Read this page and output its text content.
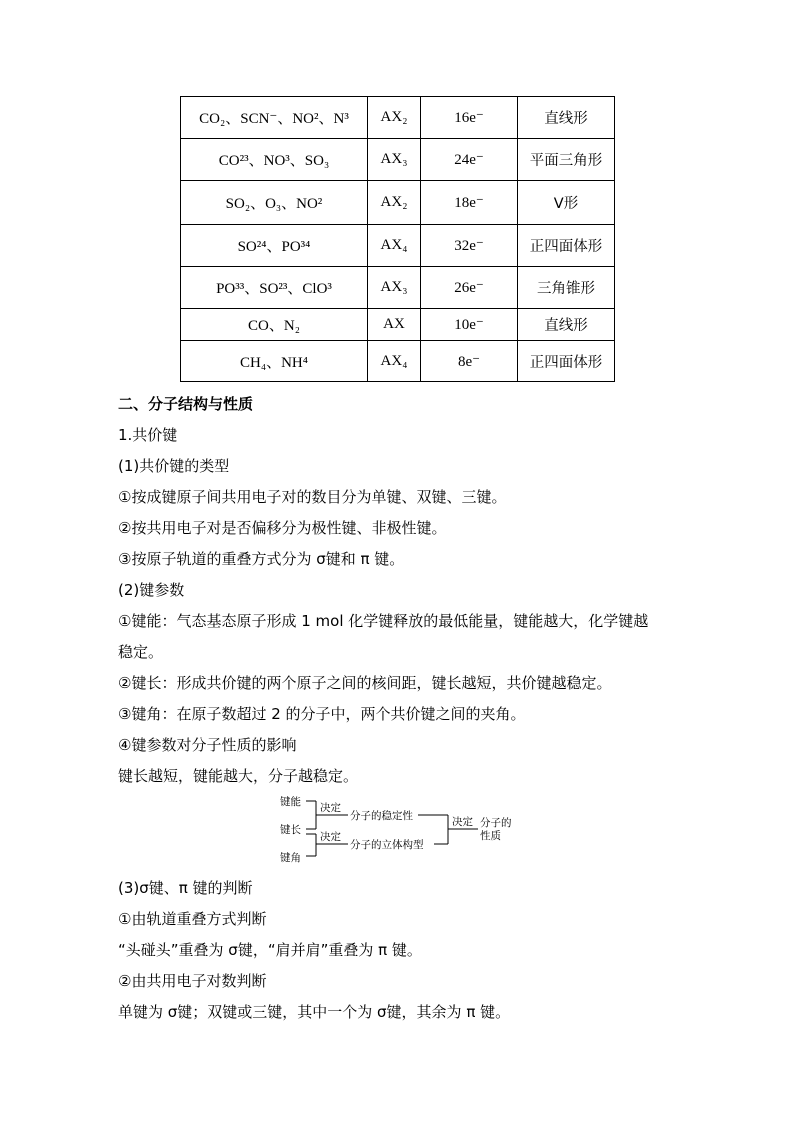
CO₂、SCN⁻、NO²、N³	AX₂	16e⁻	直线形
CO²³、NO³、SO₃	AX₃	24e⁻	平面三角形
SO₂、O₃、NO²	AX₂	18e⁻	V形
SO²⁴、PO³⁴	AX₄	32e⁻	正四面体形
PO³³、SO²³、ClO³	AX₃	26e⁻	三角锥形
CO、N₂	AX	10e⁻	直线形
CH₄、NH⁴	AX₄	8e⁻	正四面体形
二、分子结构与性质
1.共价键
(1)共价键的类型
①按成键原子间共用电子对的数目分为单键、双键、三键。
②按共用电子对是否偏移分为极性键、非极性键。
③按原子轨道的重叠方式分为 σ键和 π 键。
(2)键参数
①键能：气态基态原子形成 1 mol 化学键释放的最低能量，键能越大，化学键越
稳定。
②键长：形成共价键的两个原子之间的核间距，键长越短，共价键越稳定。
③键角：在原子数超过 2 的分子中，两个共价键之间的夹角。
④键参数对分子性质的影响
键长越短，键能越大，分子越稳定。
键能
键长
键角
决定
决定
分子的稳定性
分子的立体构型
决定 分子的
性质
(3)σ键、π 键的判断
①由轨道重叠方式判断
“头碰头”重叠为 σ键，“肩并肩”重叠为 π 键。
②由共用电子对数判断
单键为 σ键；双键或三键，其中一个为 σ键，其余为 π 键。
